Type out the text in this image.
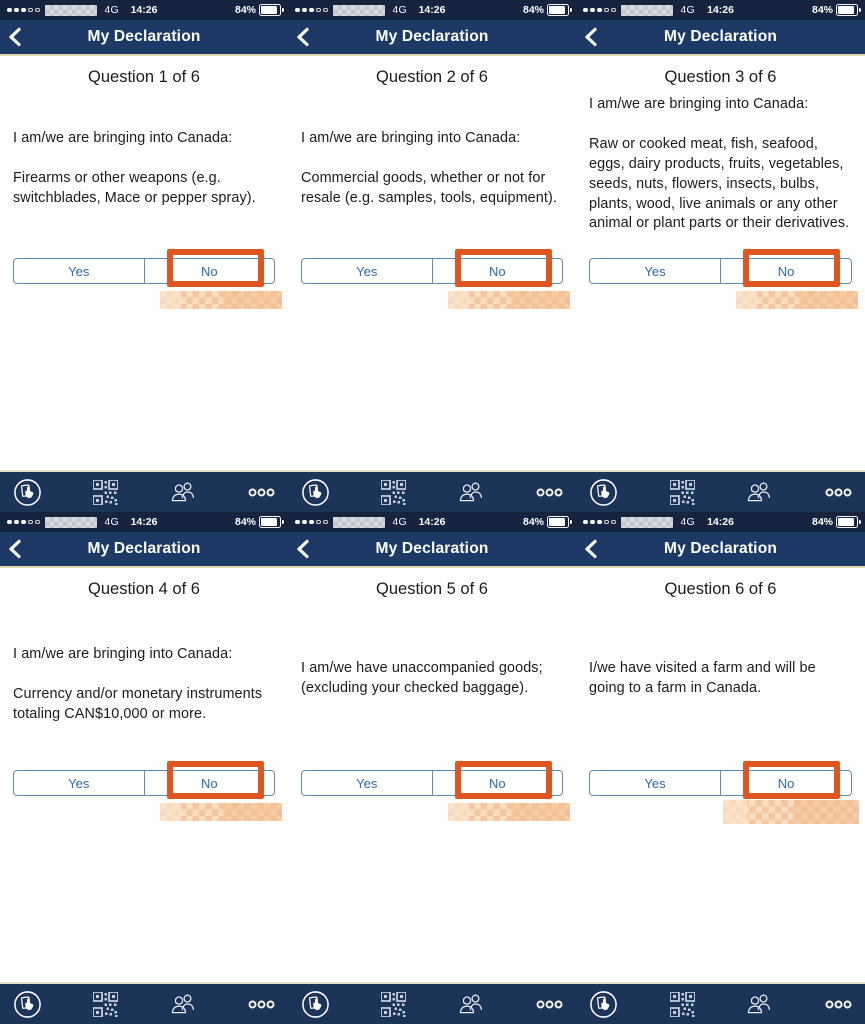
4G	14:26	84%
My Declaration
Question 1 of 6

I am/we are bringing into Canada:

Firearms or other weapons (e.g. switchblades, Mace or pepper spray).

Yes	No
4G	14:26	84%
My Declaration
Question 2 of 6

I am/we are bringing into Canada:

Commercial goods, whether or not for resale (e.g. samples, tools, equipment).

Yes	No
4G	14:26	84%
My Declaration
Question 3 of 6

I am/we are bringing into Canada:

Raw or cooked meat, fish, seafood, eggs, dairy products, fruits, vegetables, seeds, nuts, flowers, insects, bulbs, plants, wood, live animals or any other animal or plant parts or their derivatives.

Yes	No
4G	14:26	84%
My Declaration
Question 4 of 6

I am/we are bringing into Canada:

Currency and/or monetary instruments totaling CAN$10,000 or more.

Yes	No
4G	14:26	84%
My Declaration
Question 5 of 6

I am/we have unaccompanied goods; (excluding your checked baggage).

Yes	No
4G	14:26	84%
My Declaration
Question 6 of 6

I/we have visited a farm and will be going to a farm in Canada.

Yes	No
